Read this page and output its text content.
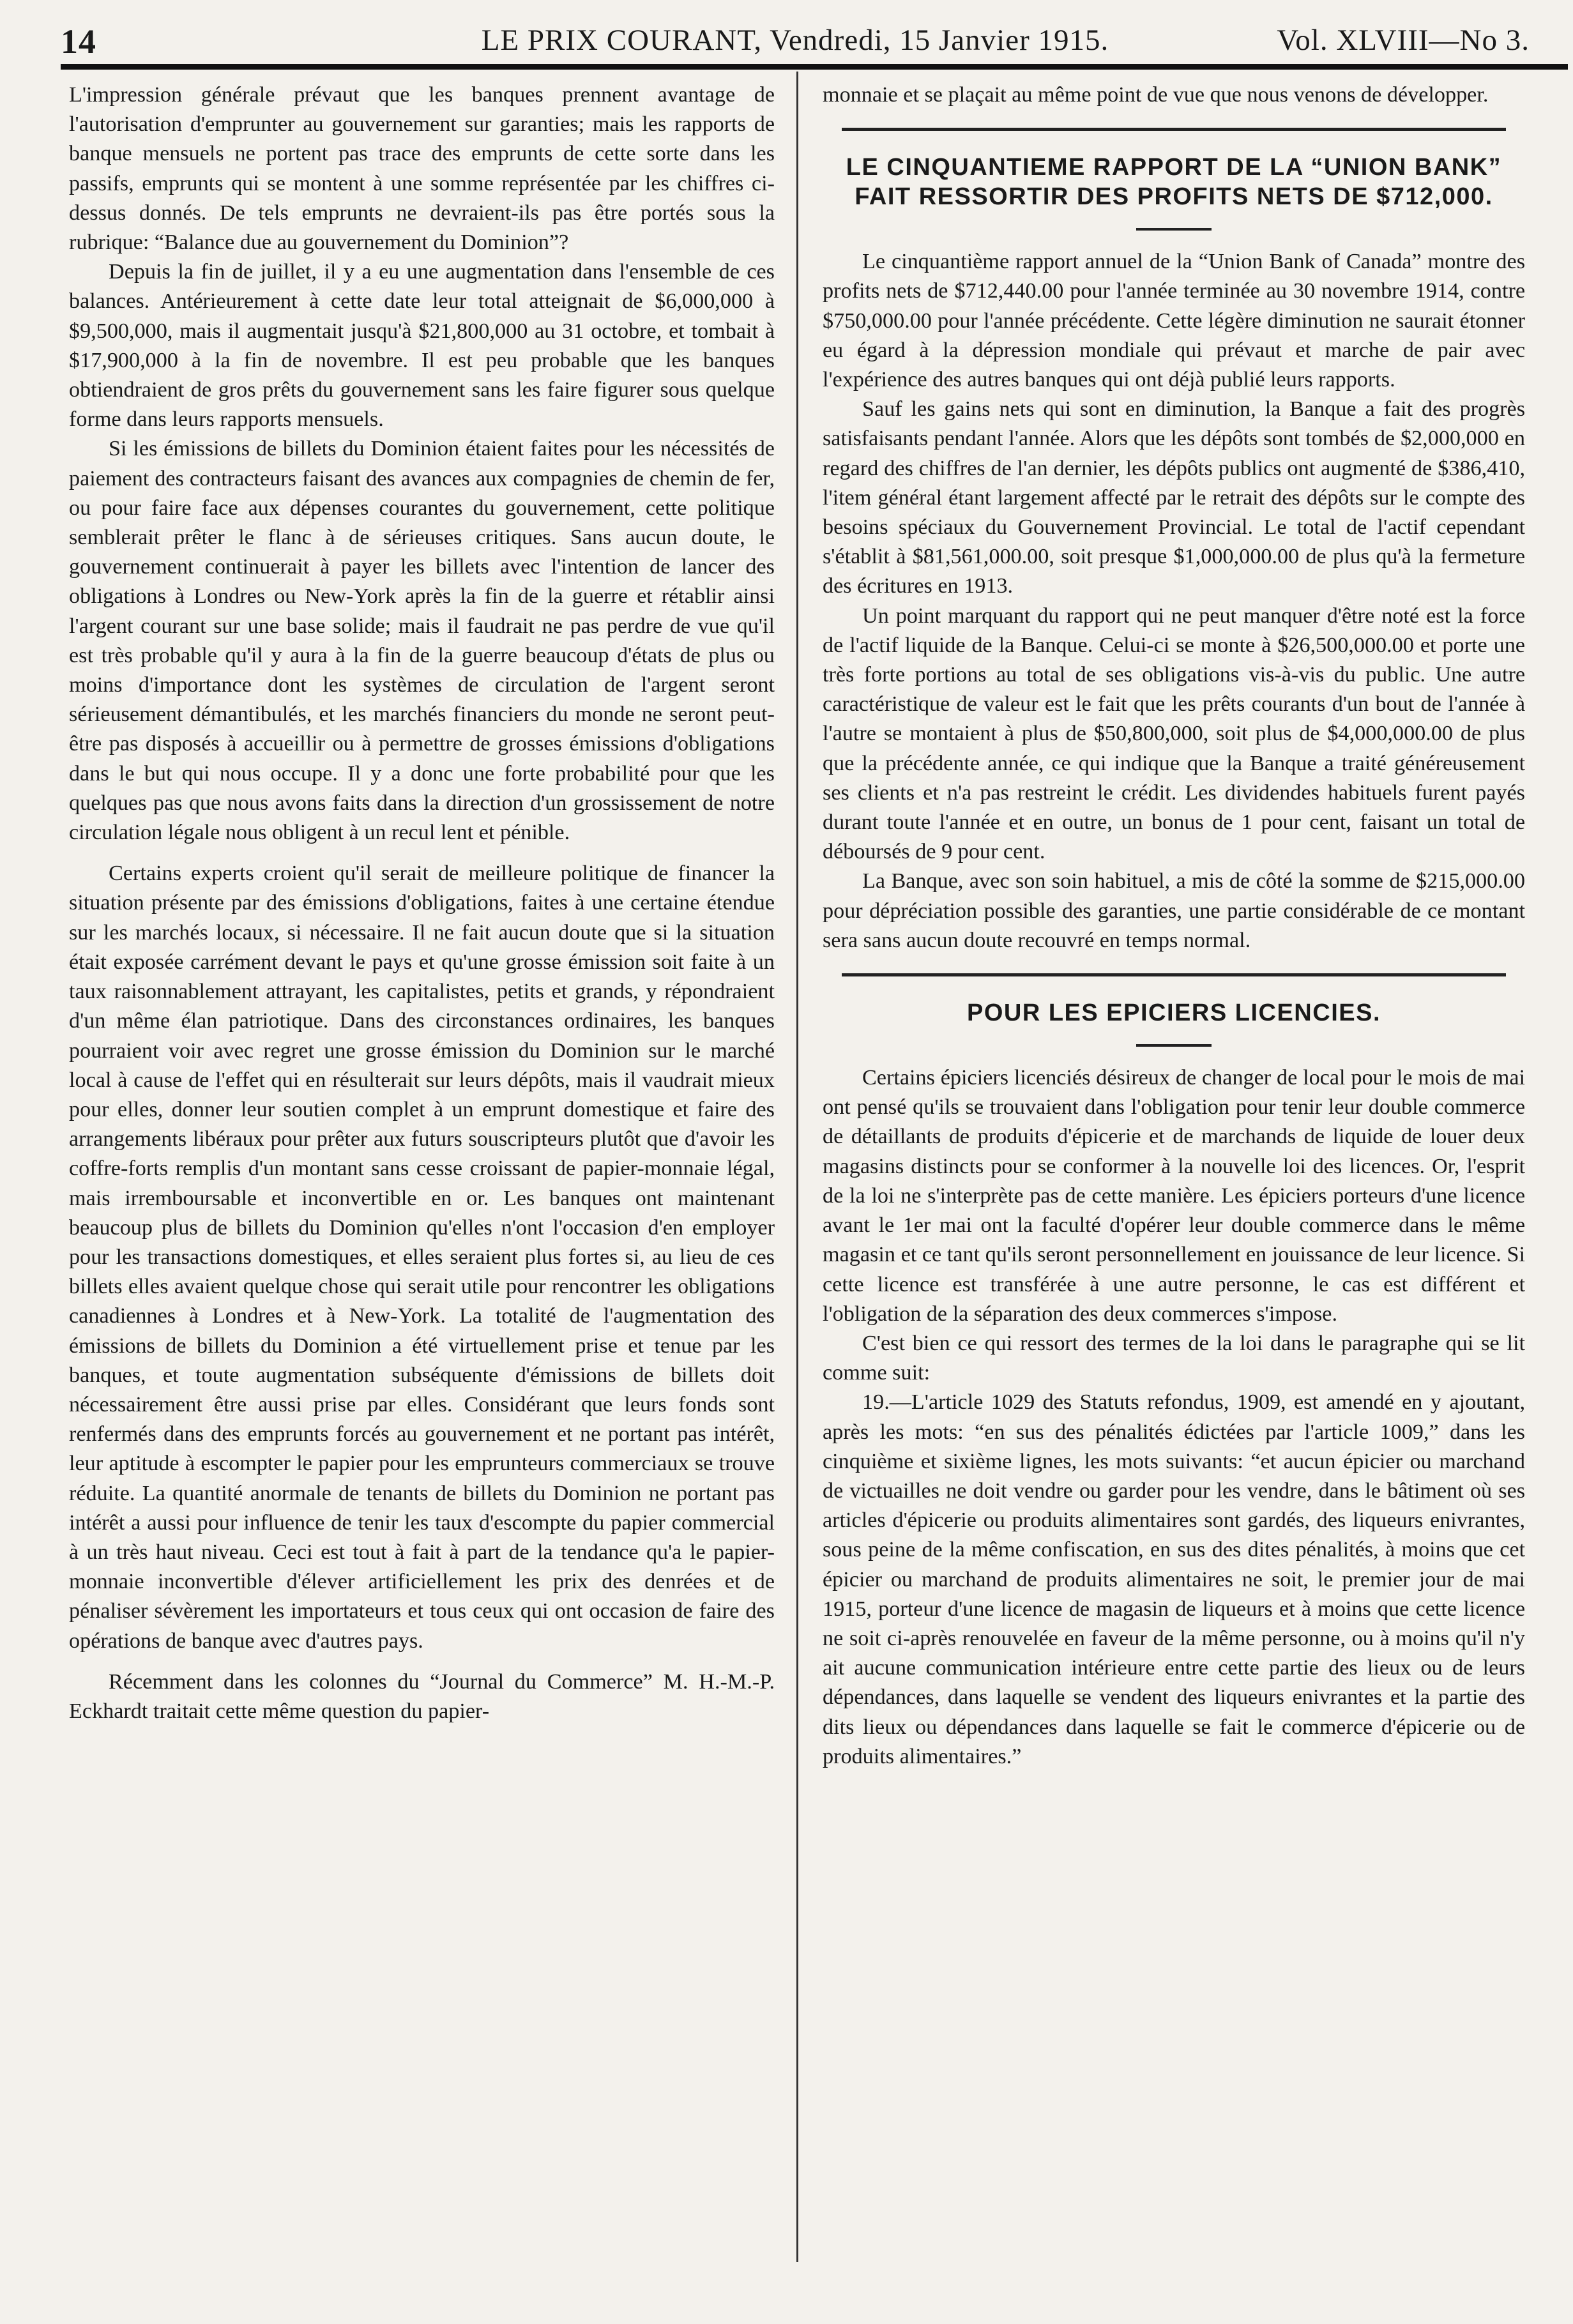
14	LE PRIX COURANT, Vendredi, 15 Janvier 1915.	Vol. XLVIII—No 3.

L'impression générale prévaut que les banques prennent avantage de l'autorisation d'emprunter au gouvernement sur garanties; mais les rapports de banque mensuels ne portent pas trace des emprunts de cette sorte dans les passifs, emprunts qui se montent à une somme représentée par les chiffres ci-dessus donnés. De tels emprunts ne devraient-ils pas être portés sous la rubrique: “Balance due au gouvernement du Dominion”?

Depuis la fin de juillet, il y a eu une augmentation dans l'ensemble de ces balances. Antérieurement à cette date leur total atteignait de $6,000,000 à $9,500,000, mais il augmentait jusqu'à $21,800,000 au 31 octobre, et tombait à $17,900,000 à la fin de novembre. Il est peu probable que les banques obtiendraient de gros prêts du gouvernement sans les faire figurer sous quelque forme dans leurs rapports mensuels.

Si les émissions de billets du Dominion étaient faites pour les nécessités de paiement des contracteurs faisant des avances aux compagnies de chemin de fer, ou pour faire face aux dépenses courantes du gouvernement, cette politique semblerait prêter le flanc à de sérieuses critiques. Sans aucun doute, le gouvernement continuerait à payer les billets avec l'intention de lancer des obligations à Londres ou New-York après la fin de la guerre et rétablir ainsi l'argent courant sur une base solide; mais il faudrait ne pas perdre de vue qu'il est très probable qu'il y aura à la fin de la guerre beaucoup d'états de plus ou moins d'importance dont les systèmes de circulation de l'argent seront sérieusement démantibulés, et les marchés financiers du monde ne seront peut-être pas disposés à accueillir ou à permettre de grosses émissions d'obligations dans le but qui nous occupe. Il y a donc une forte probabilité pour que les quelques pas que nous avons faits dans la direction d'un grossissement de notre circulation légale nous obligent à un recul lent et pénible.

Certains experts croient qu'il serait de meilleure politique de financer la situation présente par des émissions d'obligations, faites à une certaine étendue sur les marchés locaux, si nécessaire. Il ne fait aucun doute que si la situation était exposée carrément devant le pays et qu'une grosse émission soit faite à un taux raisonnablement attrayant, les capitalistes, petits et grands, y répondraient d'un même élan patriotique. Dans des circonstances ordinaires, les banques pourraient voir avec regret une grosse émission du Dominion sur le marché local à cause de l'effet qui en résulterait sur leurs dépôts, mais il vaudrait mieux pour elles, donner leur soutien complet à un emprunt domestique et faire des arrangements libéraux pour prêter aux futurs souscripteurs plutôt que d'avoir les coffre-forts remplis d'un montant sans cesse croissant de papier-monnaie légal, mais irremboursable et inconvertible en or. Les banques ont maintenant beaucoup plus de billets du Dominion qu'elles n'ont l'occasion d'en employer pour les transactions domestiques, et elles seraient plus fortes si, au lieu de ces billets elles avaient quelque chose qui serait utile pour rencontrer les obligations canadiennes à Londres et à New-York. La totalité de l'augmentation des émissions de billets du Dominion a été virtuellement prise et tenue par les banques, et toute augmentation subséquente d'émissions de billets doit nécessairement être aussi prise par elles. Considérant que leurs fonds sont renfermés dans des emprunts forcés au gouvernement et ne portant pas intérêt, leur aptitude à escompter le papier pour les emprunteurs commerciaux se trouve réduite. La quantité anormale de tenants de billets du Dominion ne portant pas intérêt a aussi pour influence de tenir les taux d'escompte du papier commercial à un très haut niveau. Ceci est tout à fait à part de la tendance qu'a le papier-monnaie inconvertible d'élever artificiellement les prix des denrées et de pénaliser sévèrement les importateurs et tous ceux qui ont occasion de faire des opérations de banque avec d'autres pays.

Récemment dans les colonnes du “Journal du Commerce” M. H.-M.-P. Eckhardt traitait cette même question du papier-

monnaie et se plaçait au même point de vue que nous venons de développer.

LE CINQUANTIEME RAPPORT DE LA “UNION BANK” FAIT RESSORTIR DES PROFITS NETS DE $712,000.

Le cinquantième rapport annuel de la “Union Bank of Canada” montre des profits nets de $712,440.00 pour l'année terminée au 30 novembre 1914, contre $750,000.00 pour l'année précédente. Cette légère diminution ne saurait étonner eu égard à la dépression mondiale qui prévaut et marche de pair avec l'expérience des autres banques qui ont déjà publié leurs rapports.

Sauf les gains nets qui sont en diminution, la Banque a fait des progrès satisfaisants pendant l'année. Alors que les dépôts sont tombés de $2,000,000 en regard des chiffres de l'an dernier, les dépôts publics ont augmenté de $386,410, l'item général étant largement affecté par le retrait des dépôts sur le compte des besoins spéciaux du Gouvernement Provincial. Le total de l'actif cependant s'établit à $81,561,000.00, soit presque $1,000,000.00 de plus qu'à la fermeture des écritures en 1913.

Un point marquant du rapport qui ne peut manquer d'être noté est la force de l'actif liquide de la Banque. Celui-ci se monte à $26,500,000.00 et porte une très forte portions au total de ses obligations vis-à-vis du public. Une autre caractéristique de valeur est le fait que les prêts courants d'un bout de l'année à l'autre se montaient à plus de $50,800,000, soit plus de $4,000,000.00 de plus que la précédente année, ce qui indique que la Banque a traité généreusement ses clients et n'a pas restreint le crédit. Les dividendes habituels furent payés durant toute l'année et en outre, un bonus de 1 pour cent, faisant un total de déboursés de 9 pour cent.

La Banque, avec son soin habituel, a mis de côté la somme de $215,000.00 pour dépréciation possible des garanties, une partie considérable de ce montant sera sans aucun doute recouvré en temps normal.

POUR LES EPICIERS LICENCIES.

Certains épiciers licenciés désireux de changer de local pour le mois de mai ont pensé qu'ils se trouvaient dans l'obligation pour tenir leur double commerce de détaillants de produits d'épicerie et de marchands de liquide de louer deux magasins distincts pour se conformer à la nouvelle loi des licences. Or, l'esprit de la loi ne s'interprète pas de cette manière. Les épiciers porteurs d'une licence avant le 1er mai ont la faculté d'opérer leur double commerce dans le même magasin et ce tant qu'ils seront personnellement en jouissance de leur licence. Si cette licence est transférée à une autre personne, le cas est différent et l'obligation de la séparation des deux commerces s'impose.

C'est bien ce qui ressort des termes de la loi dans le paragraphe qui se lit comme suit:

19.—L'article 1029 des Statuts refondus, 1909, est amendé en y ajoutant, après les mots: “en sus des pénalités édictées par l'article 1009,” dans les cinquième et sixième lignes, les mots suivants: “et aucun épicier ou marchand de victuailles ne doit vendre ou garder pour les vendre, dans le bâtiment où ses articles d'épicerie ou produits alimentaires sont gardés, des liqueurs enivrantes, sous peine de la même confiscation, en sus des dites pénalités, à moins que cet épicier ou marchand de produits alimentaires ne soit, le premier jour de mai 1915, porteur d'une licence de magasin de liqueurs et à moins que cette licence ne soit ci-après renouvelée en faveur de la même personne, ou à moins qu'il n'y ait aucune communication intérieure entre cette partie des lieux ou de leurs dépendances, dans laquelle se vendent des liqueurs enivrantes et la partie des dits lieux ou dépendances dans laquelle se fait le commerce d'épicerie ou de produits alimentaires.”
